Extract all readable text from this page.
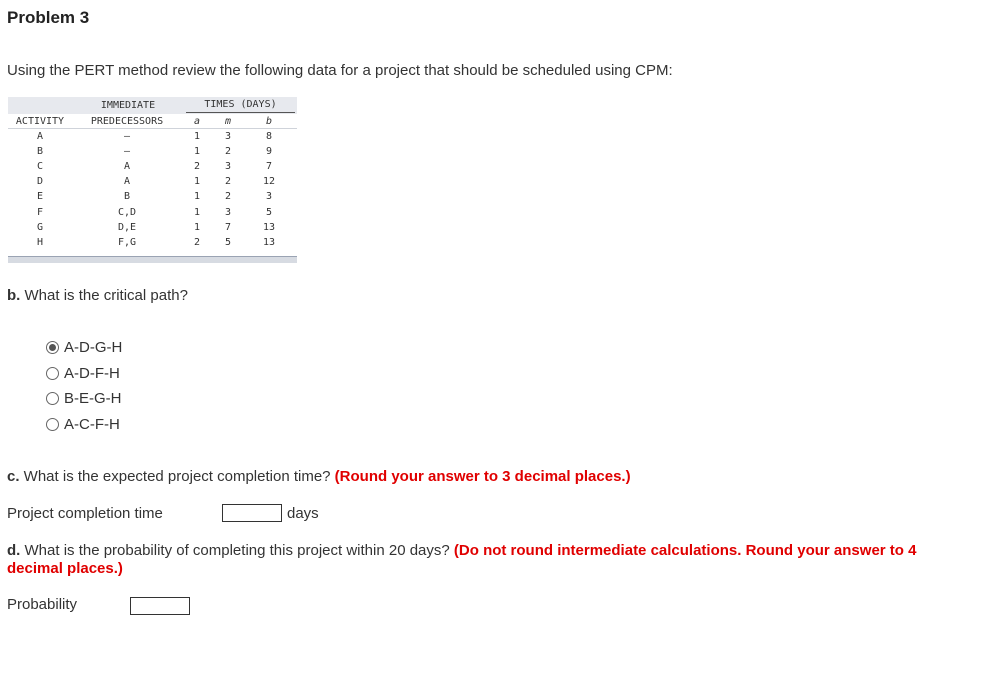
Problem 3
Using the PERT method review the following data for a project that should be scheduled using CPM:
IMMEDIATE	TIMES (DAYS)
ACTIVITY	PREDECESSORS	a	m	b
A	—	1	3	8
B	—	1	2	9
C	A	2	3	7
D	A	1	2	12
E	B	1	2	3
F	C,D	1	3	5
G	D,E	1	7	13
H	F,G	2	5	13
b. What is the critical path?
A-D-G-H
A-D-F-H
B-E-G-H
A-C-F-H
c. What is the expected project completion time? (Round your answer to 3 decimal places.)
Project completion time	days
d. What is the probability of completing this project within 20 days? (Do not round intermediate calculations. Round your answer to 4
decimal places.)
Probability
